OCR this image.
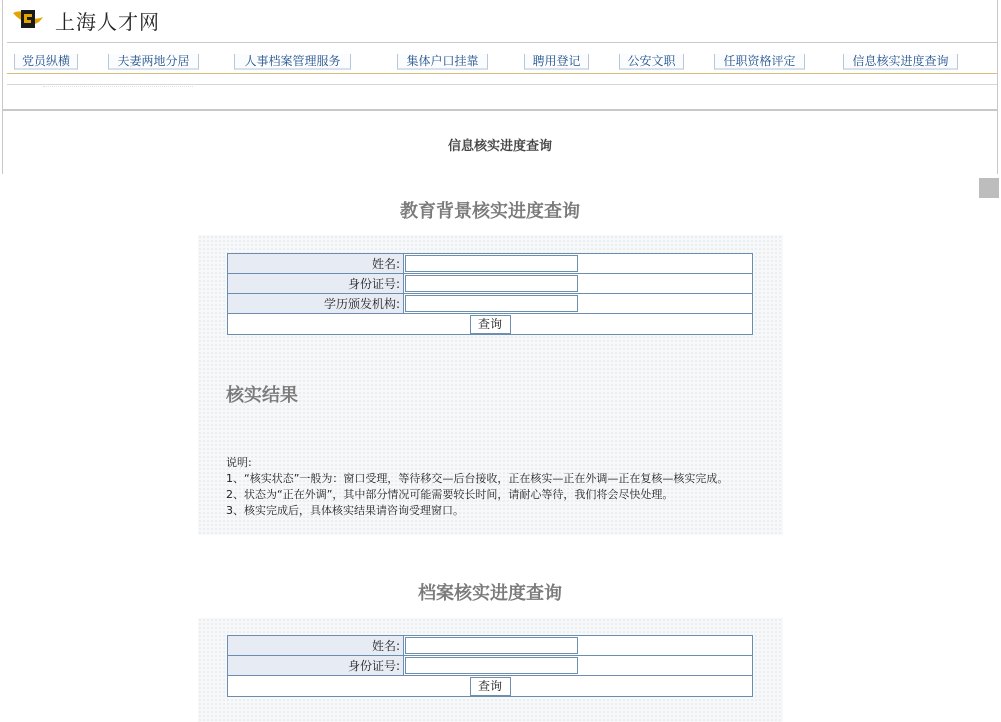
上海人才网
党员纵横	夫妻两地分居	人事档案管理服务	集体户口挂靠	聘用登记	公安文职	任职资格评定	信息核实进度查询
信息核实进度查询
教育背景核实进度查询
姓名:	

身份证号:	

学历颁发机构:	

查询	
核实结果
说明:
1、“核实状态”一般为：窗口受理，等待移交—后台接收，正在核实—正在外调—正在复核—核实完成。
2、状态为“正在外调”，其中部分情况可能需要较长时间，请耐心等待，我们将会尽快处理。
3、核实完成后，具体核实结果请咨询受理窗口。
档案核实进度查询
姓名:	

身份证号:	

查询	
